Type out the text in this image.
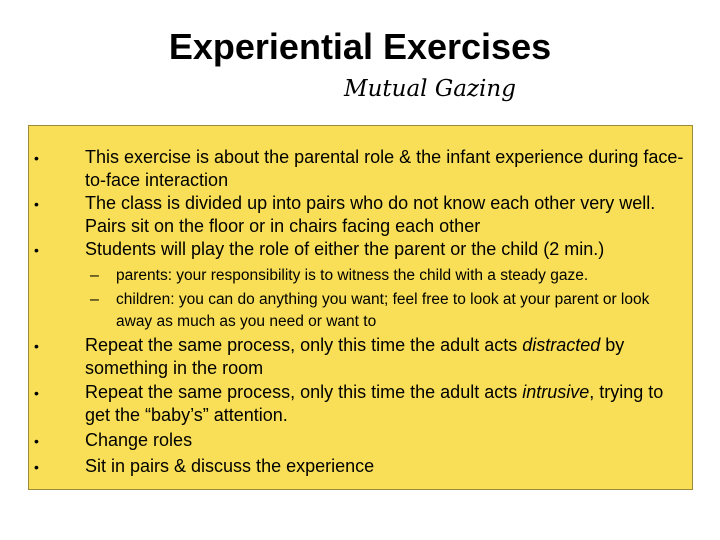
Experiential Exercises
Mutual Gazing
•	This exercise is about the parental role & the infant experience during face-to-face interaction
•	The class is divided up into pairs who do not know each other very well. Pairs sit on the floor or in chairs facing each other
•	Students will play the role of either the parent or the child (2 min.)
– parents: your responsibility is to witness the child with a steady gaze.
– children: you can do anything you want; feel free to look at your parent or look away as much as you need or want to
•	Repeat the same process, only this time the adult acts distracted by something in the room
•	Repeat the same process, only this time the adult acts intrusive, trying to get the “baby’s” attention.
•	Change roles
•	Sit in pairs & discuss the experience
